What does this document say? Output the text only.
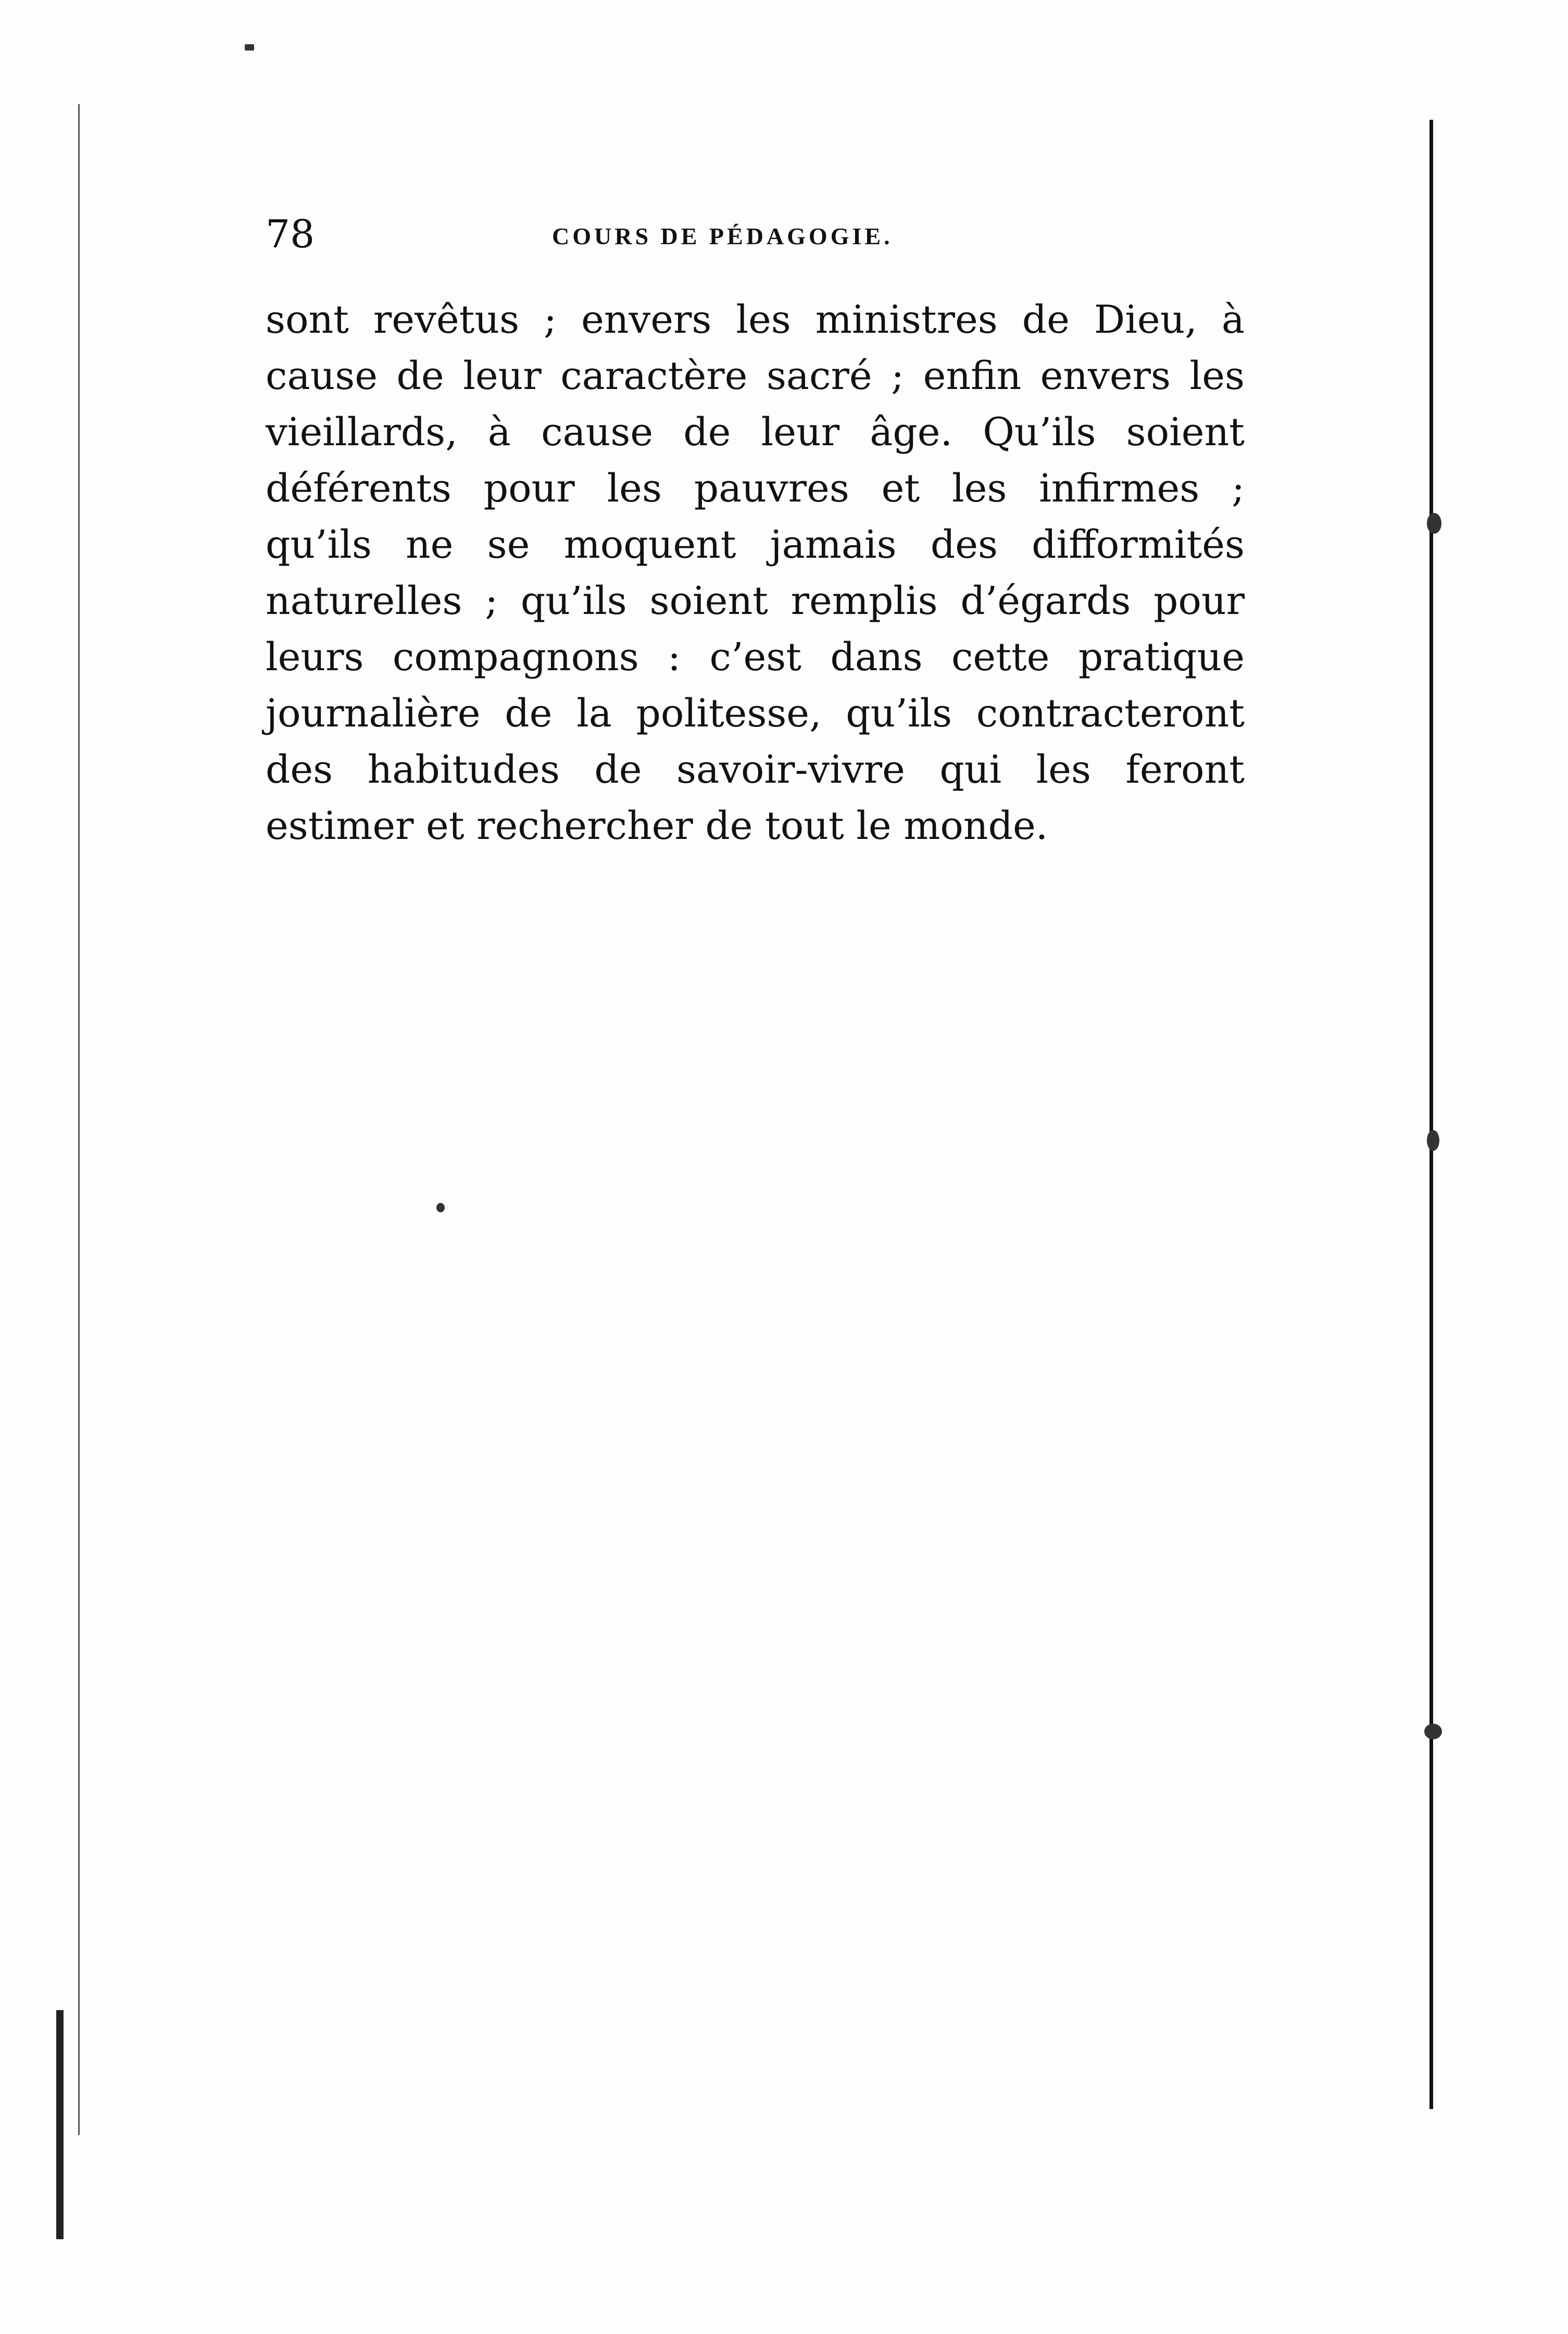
78	COURS DE PÉDAGOGIE.
sont revêtus ; envers les ministres de Dieu, à
cause de leur caractère sacré ; enfin envers les
vieillards, à cause de leur âge. Qu’ils soient
déférents pour les pauvres et les infirmes ;
qu’ils ne se moquent jamais des difformités
naturelles ; qu’ils soient remplis d’égards pour
leurs compagnons : c’est dans cette pratique
journalière de la politesse, qu’ils contracteront
des habitudes de savoir-vivre qui les feront
estimer et rechercher de tout le monde.
